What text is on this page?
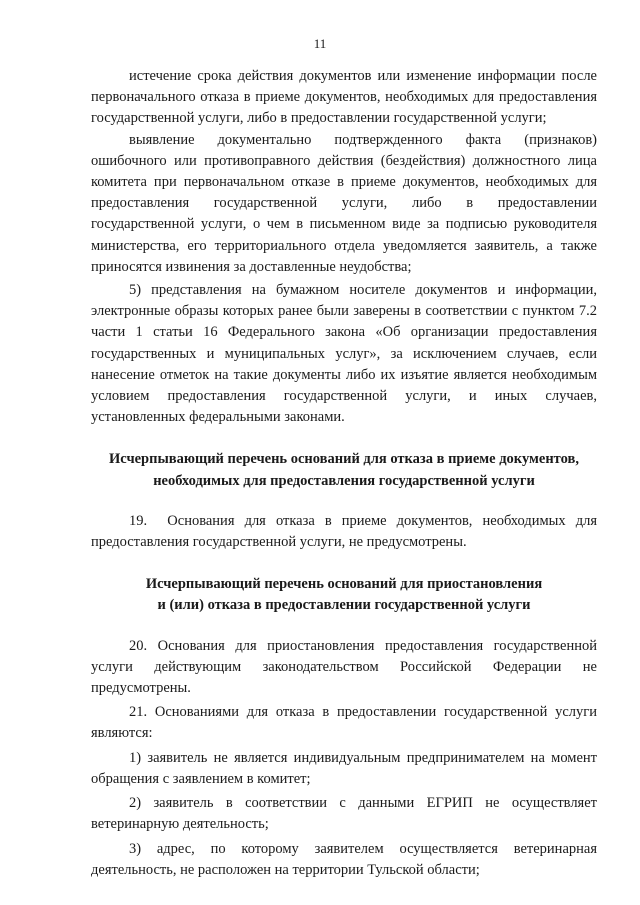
11

истечение срока действия документов или изменение информации после первоначального отказа в приеме документов, необходимых для предоставления государственной услуги, либо в предоставлении государственной услуги;

выявление документально подтвержденного факта (признаков) ошибочного или противоправного действия (бездействия) должностного лица комитета при первоначальном отказе в приеме документов, необходимых для предоставления государственной услуги, либо в предоставлении государственной услуги, о чем в письменном виде за подписью руководителя министерства, его территориального отдела уведомляется заявитель, а также приносятся извинения за доставленные неудобства;

5) представления на бумажном носителе документов и информации, электронные образы которых ранее были заверены в соответствии с пунктом 7.2 части 1 статьи 16 Федерального закона «Об организации предоставления государственных и муниципальных услуг», за исключением случаев, если нанесение отметок на такие документы либо их изъятие является необходимым условием предоставления государственной услуги, и иных случаев, установленных федеральными законами.

Исчерпывающий перечень оснований для отказа в приеме документов,
необходимых для предоставления государственной услуги

19.  Основания для отказа в приеме документов, необходимых для предоставления государственной услуги, не предусмотрены.

Исчерпывающий перечень оснований для приостановления
и (или) отказа в предоставлении государственной услуги

20. Основания для приостановления предоставления государственной услуги действующим законодательством Российской Федерации не предусмотрены.

21. Основаниями для отказа в предоставлении государственной услуги являются:

1) заявитель не является индивидуальным предпринимателем на момент обращения с заявлением в комитет;

2) заявитель в соответствии с данными ЕГРИП не осуществляет ветеринарную деятельность;

3) адрес, по которому заявителем осуществляется ветеринарная деятельность, не расположен на территории Тульской области;
